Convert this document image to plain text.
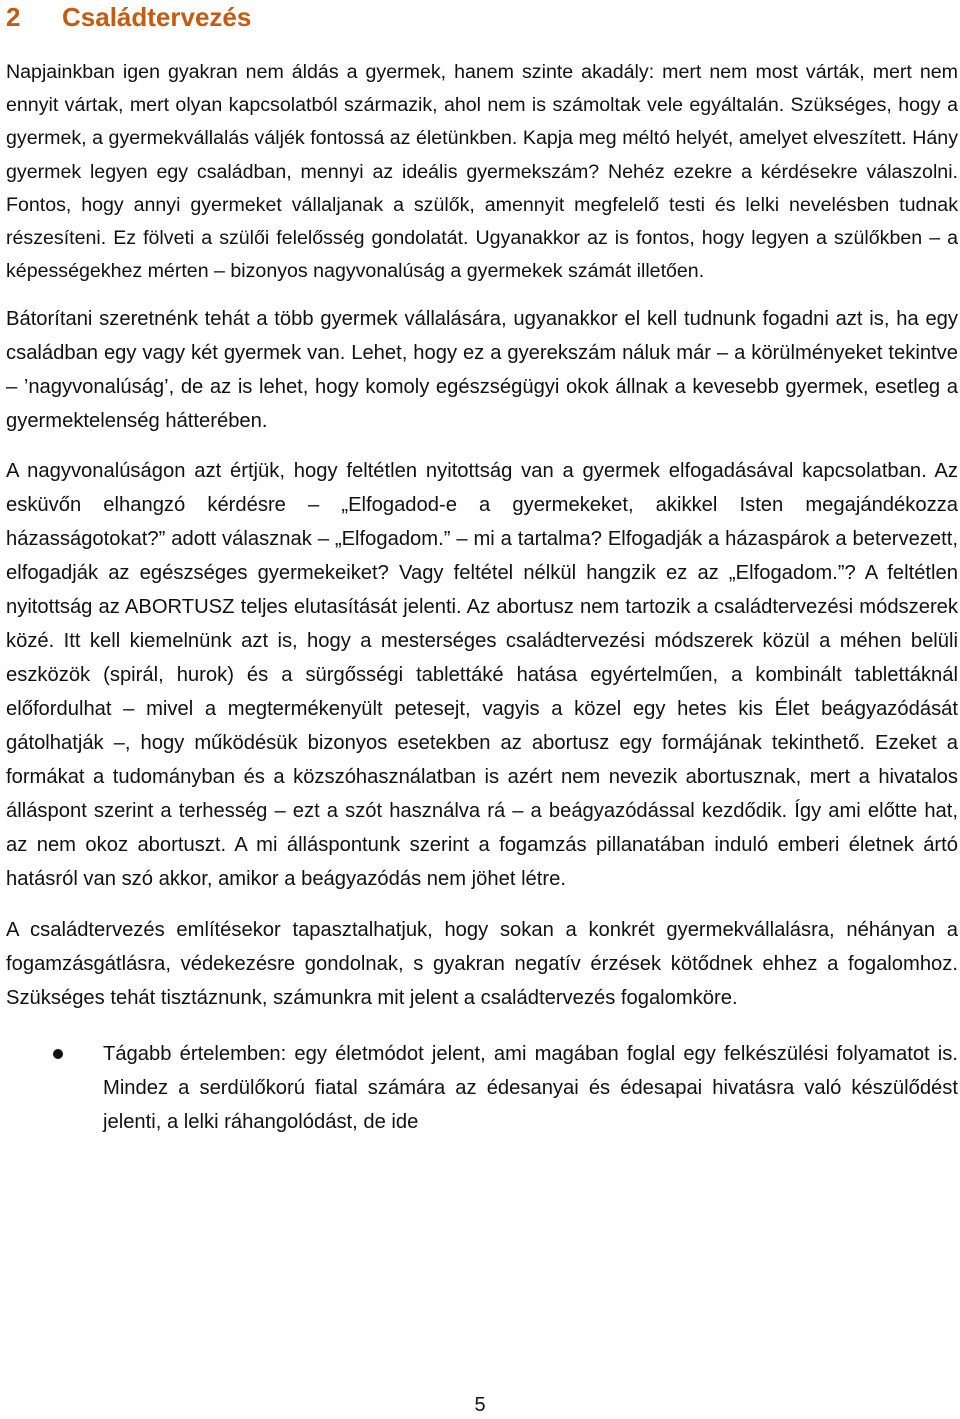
2 Családtervezés

Napjainkban igen gyakran nem áldás a gyermek, hanem szinte akadály: mert nem most várták, mert nem ennyit vártak, mert olyan kapcsolatból származik, ahol nem is számoltak vele egyáltalán. Szükséges, hogy a gyermek, a gyermekvállalás váljék fontossá az életünkben. Kapja meg méltó helyét, amelyet elveszített. Hány gyermek legyen egy családban, mennyi az ideális gyermekszám? Nehéz ezekre a kérdésekre válaszolni. Fontos, hogy annyi gyermeket vállaljanak a szülők, amennyit megfelelő testi és lelki nevelésben tudnak részesíteni. Ez fölveti a szülői felelősség gondolatát. Ugyanakkor az is fontos, hogy legyen a szülőkben – a képességekhez mérten – bizonyos nagyvonalúság a gyermekek számát illetően.

Bátorítani szeretnénk tehát a több gyermek vállalására, ugyanakkor el kell tudnunk fogadni azt is, ha egy családban egy vagy két gyermek van. Lehet, hogy ez a gyerekszám náluk már – a körülményeket tekintve – ’nagyvonalúság’, de az is lehet, hogy komoly egészségügyi okok állnak a kevesebb gyermek, esetleg a gyermektelenség hátterében.

A nagyvonalúságon azt értjük, hogy feltétlen nyitottság van a gyermek elfogadásával kapcsolatban. Az esküvőn elhangzó kérdésre – „Elfogadod-e a gyermekeket, akikkel Isten megajándékozza házasságotokat?” adott válasznak – „Elfogadom.” – mi a tartalma? Elfogadják a házaspárok a betervezett, elfogadják az egészséges gyermekeiket? Vagy feltétel nélkül hangzik ez az „Elfogadom.”? A feltétlen nyitottság az ABORTUSZ teljes elutasítását jelenti. Az abortusz nem tartozik a családtervezési módszerek közé. Itt kell kiemelnünk azt is, hogy a mesterséges családtervezési módszerek közül a méhen belüli eszközök (spirál, hurok) és a sürgősségi tablettáké hatása egyértelműen, a kombinált tablettáknál előfordulhat – mivel a megtermékenyült petesejt, vagyis a közel egy hetes kis Élet beágyazódását gátolhatják –, hogy működésük bizonyos esetekben az abortusz egy formájának tekinthető. Ezeket a formákat a tudományban és a közszóhasználatban is azért nem nevezik abortusznak, mert a hivatalos álláspont szerint a terhesség – ezt a szót használva rá – a beágyazódással kezdődik. Így ami előtte hat, az nem okoz abortuszt. A mi álláspontunk szerint a fogamzás pillanatában induló emberi életnek ártó hatásról van szó akkor, amikor a beágyazódás nem jöhet létre.

A családtervezés említésekor tapasztalhatjuk, hogy sokan a konkrét gyermekvállalásra, néhányan a fogamzásgátlásra, védekezésre gondolnak, s gyakran negatív érzések kötődnek ehhez a fogalomhoz. Szükséges tehát tisztáznunk, számunkra mit jelent a családtervezés fogalomköre.

Tágabb értelemben: egy életmódot jelent, ami magában foglal egy felkészülési folyamatot is. Mindez a serdülőkorú fiatal számára az édesanyai és édesapai hivatásra való készülődést jelenti, a lelki ráhangolódást, de ide

5
